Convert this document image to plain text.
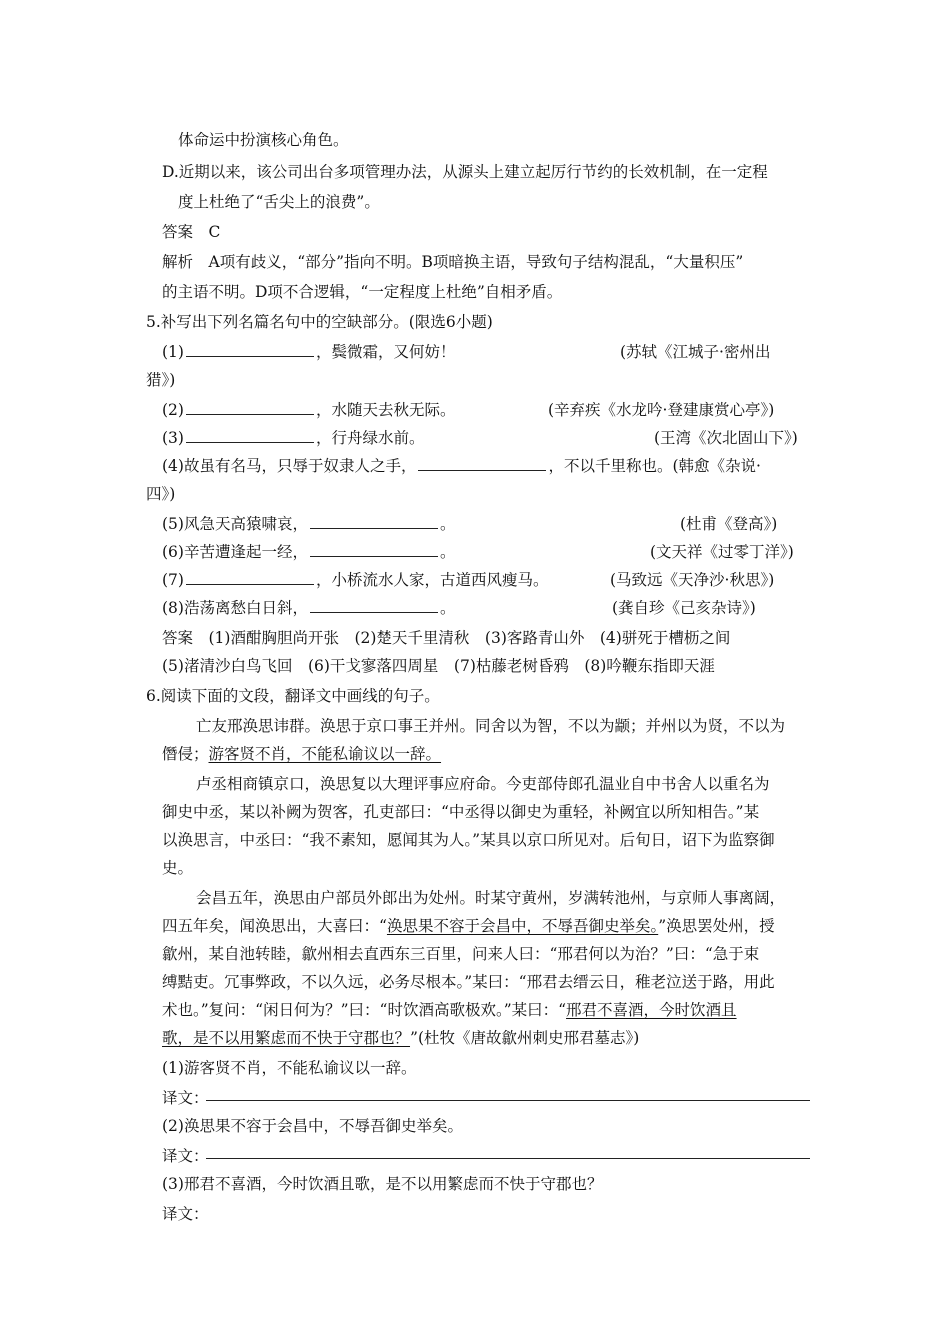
体命运中扮演核心角色。
D.近期以来，该公司出台多项管理办法，从源头上建立起厉行节约的长效机制，在一定程
度上杜绝了“舌尖上的浪费”。
答案　C
解析　A项有歧义，“部分”指向不明。B项暗换主语，导致句子结构混乱，“大量积压”
的主语不明。D项不合逻辑，“一定程度上杜绝”自相矛盾。
5.补写出下列名篇名句中的空缺部分。(限选6小题)
(1)	，鬓微霜，又何妨！	(苏轼《江城子·密州出
猎》)
(2)	，水随天去秋无际。	(辛弃疾《水龙吟·登建康赏心亭》)
(3)	，行舟绿水前。	(王湾《次北固山下》)
(4)故虽有名马，只辱于奴隶人之手，	，不以千里称也。(韩愈《杂说·
四》)
(5)风急天高猿啸哀，	。	(杜甫《登高》)
(6)辛苦遭逢起一经，	。	(文天祥《过零丁洋》)
(7)	，小桥流水人家，古道西风瘦马。	(马致远《天净沙·秋思》)
(8)浩荡离愁白日斜，	。	(龚自珍《己亥杂诗》)
答案　(1)酒酣胸胆尚开张　(2)楚天千里清秋　(3)客路青山外　(4)骈死于槽枥之间
(5)渚清沙白鸟飞回　(6)干戈寥落四周星　(7)枯藤老树昏鸦　(8)吟鞭东指即天涯
6.阅读下面的文段，翻译文中画线的句子。
亡友邢涣思讳群。涣思于京口事王并州。同舍以为智，不以为颛；并州以为贤，不以为
僭侵；游客贤不肖，不能私谕议以一辞。
卢丞相商镇京口，涣思复以大理评事应府命。今吏部侍郎孔温业自中书舍人以重名为
御史中丞，某以补阙为贺客，孔吏部曰：“中丞得以御史为重轻，补阙宜以所知相告。”某
以涣思言，中丞曰：“我不素知，愿闻其为人。”某具以京口所见对。后旬日，诏下为监察御
史。
会昌五年，涣思由户部员外郎出为处州。时某守黄州，岁满转池州，与京师人事离阔，
四五年矣，闻涣思出，大喜曰：“涣思果不容于会昌中，不辱吾御史举矣。”涣思罢处州，授
歙州，某自池转睦，歙州相去直西东三百里，问来人曰：“邢君何以为治？”曰：“急于束
缚黠吏。冗事弊政，不以久远，必务尽根本。”某曰：“邢君去缙云日，稚老泣送于路，用此
术也。”复问：“闲日何为？”曰：“时饮酒高歌极欢。”某曰：“邢君不喜酒，今时饮酒且
歌，是不以用繁虑而不快于守郡也？”(杜牧《唐故歙州刺史邢君墓志》)
(1)游客贤不肖，不能私谕议以一辞。
译文：
(2)涣思果不容于会昌中，不辱吾御史举矣。
译文：
(3)邢君不喜酒，今时饮酒且歌，是不以用繁虑而不快于守郡也？
译文：
